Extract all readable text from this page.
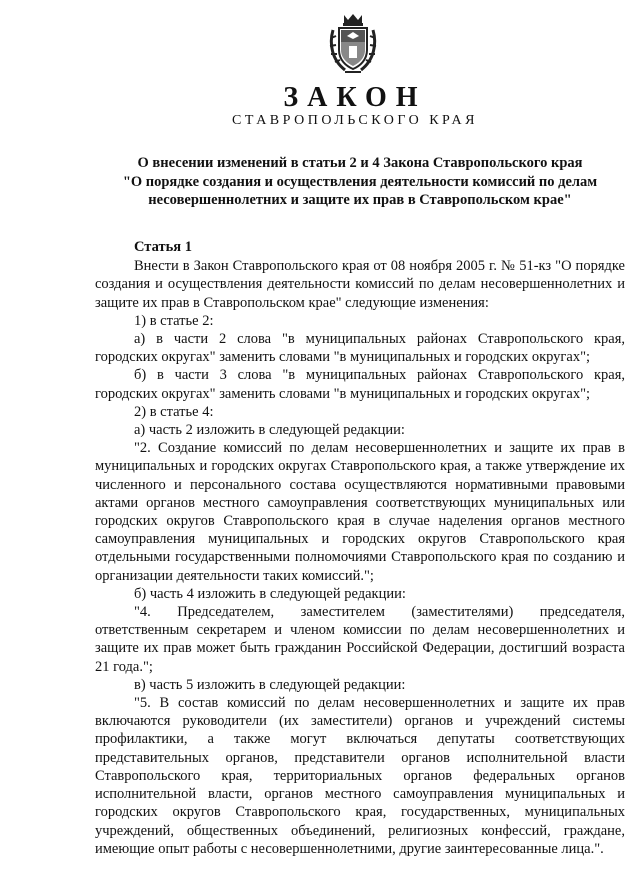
ЗАКОН
СТАВРОПОЛЬСКОГО КРАЯ
О внесении изменений в статьи 2 и 4 Закона Ставропольского края
"О порядке создания и осуществления деятельности комиссий по делам
несовершеннолетних и защите их прав в Ставропольском крае"
Статья 1

Внести в Закон Ставропольского края от 08 ноября 2005 г. № 51-кз "О порядке создания и осуществления деятельности комиссий по делам несовершеннолетних и защите их прав в Ставропольском крае" следующие изменения:

1) в статье 2:

а) в части 2 слова "в муниципальных районах Ставропольского края, городских округах" заменить словами "в муниципальных и городских округах";

б) в части 3 слова "в муниципальных районах Ставропольского края, городских округах" заменить словами "в муниципальных и городских округах";

2) в статье 4:

а) часть 2 изложить в следующей редакции:

"2. Создание комиссий по делам несовершеннолетних и защите их прав в муниципальных и городских округах Ставропольского края, а также утверждение их численного и персонального состава осуществляются нормативными правовыми актами органов местного самоуправления соответствующих муниципальных или городских округов Ставропольского края в случае наделения органов местного самоуправления муниципальных и городских округов Ставропольского края отдельными государственными полномочиями Ставропольского края по созданию и организации деятельности таких комиссий.";

б) часть 4 изложить в следующей редакции:

"4. Председателем, заместителем (заместителями) председателя, ответственным секретарем и членом комиссии по делам несовершеннолетних и защите их прав может быть гражданин Российской Федерации, достигший возраста 21 года.";

в) часть 5 изложить в следующей редакции:

"5. В состав комиссий по делам несовершеннолетних и защите их прав включаются руководители (их заместители) органов и учреждений системы профилактики, а также могут включаться депутаты соответствующих представительных органов, представители органов исполнительной власти Ставропольского края, территориальных органов федеральных органов исполнительной власти, органов местного самоуправления муниципальных и городских округов Ставропольского края, государственных, муниципальных учреждений, общественных объединений, религиозных конфессий, граждане, имеющие опыт работы с несовершеннолетними, другие заинтересованные лица.".
